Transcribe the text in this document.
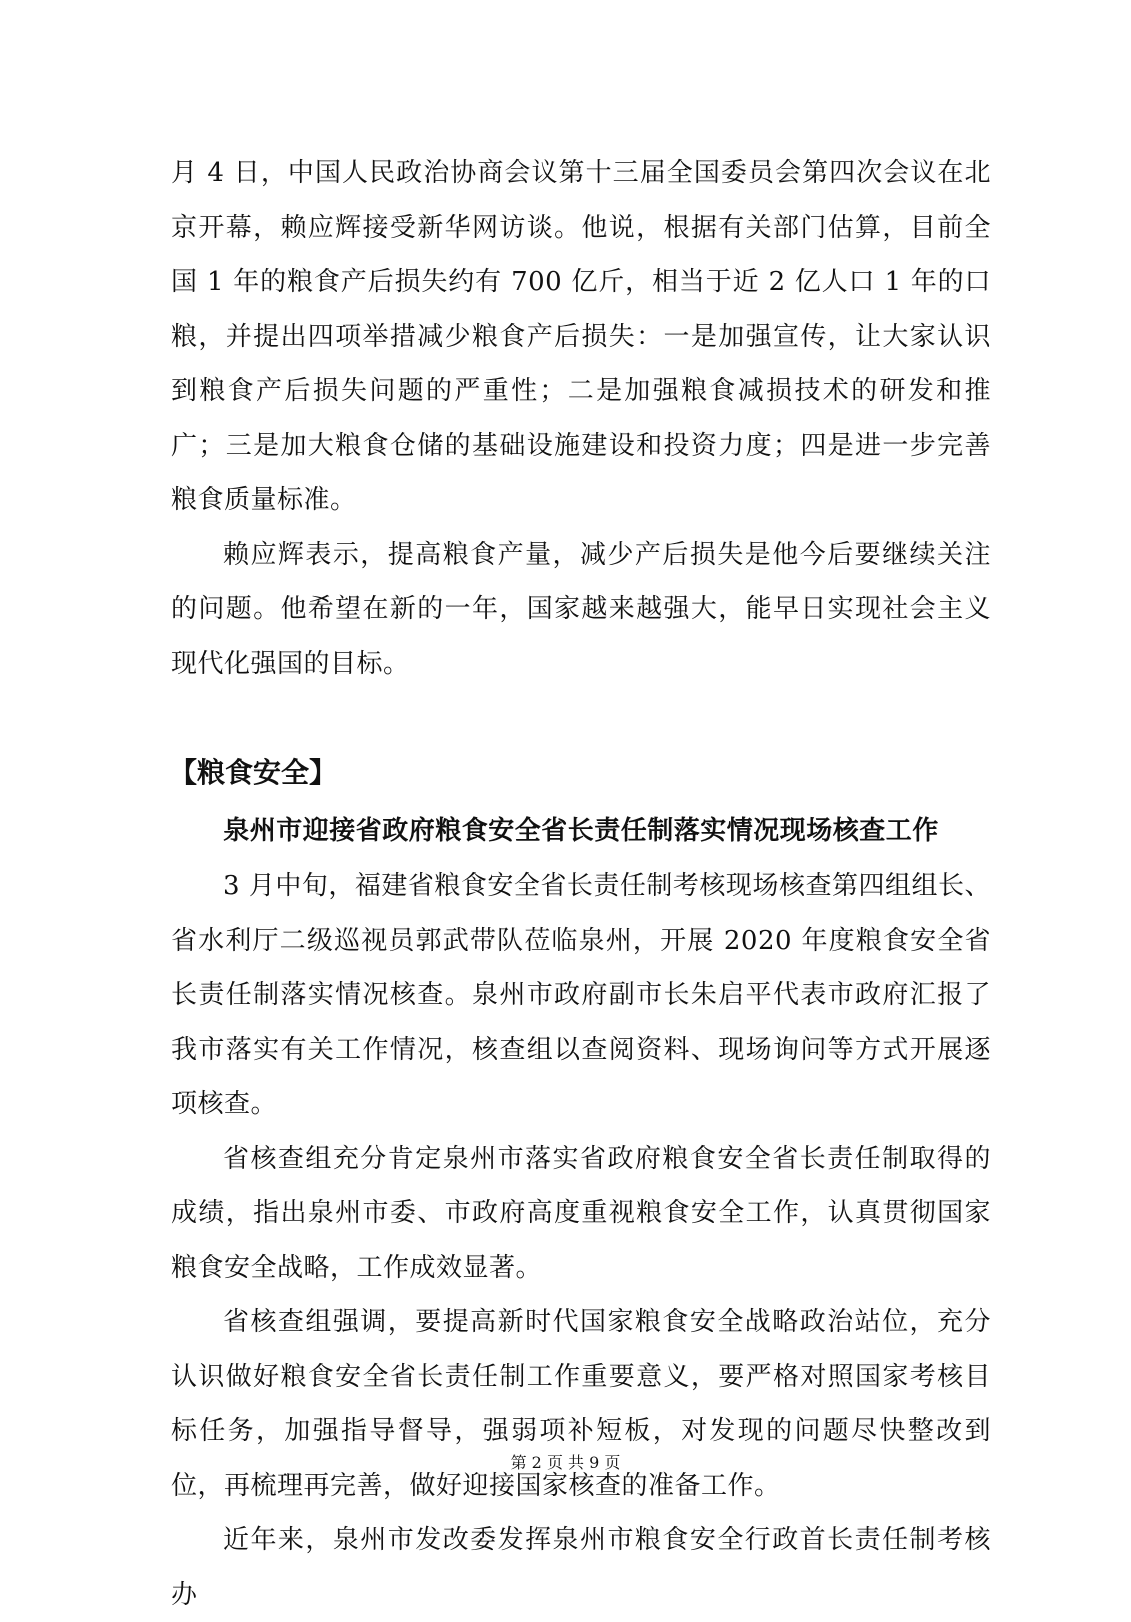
月 4 日，中国人民政治协商会议第十三届全国委员会第四次会议在北京开幕，赖应辉接受新华网访谈。他说，根据有关部门估算，目前全国 1 年的粮食产后损失约有 700 亿斤，相当于近 2 亿人口 1 年的口粮，并提出四项举措减少粮食产后损失：一是加强宣传，让大家认识到粮食产后损失问题的严重性；二是加强粮食减损技术的研发和推广；三是加大粮食仓储的基础设施建设和投资力度；四是进一步完善粮食质量标准。

赖应辉表示，提高粮食产量，减少产后损失是他今后要继续关注的问题。他希望在新的一年，国家越来越强大，能早日实现社会主义现代化强国的目标。

【粮食安全】
泉州市迎接省政府粮食安全省长责任制落实情况现场核查工作

3 月中旬，福建省粮食安全省长责任制考核现场核查第四组组长、省水利厅二级巡视员郭武带队莅临泉州，开展 2020 年度粮食安全省长责任制落实情况核查。泉州市政府副市长朱启平代表市政府汇报了我市落实有关工作情况，核查组以查阅资料、现场询问等方式开展逐项核查。

省核查组充分肯定泉州市落实省政府粮食安全省长责任制取得的成绩，指出泉州市委、市政府高度重视粮食安全工作，认真贯彻国家粮食安全战略，工作成效显著。

省核查组强调，要提高新时代国家粮食安全战略政治站位，充分认识做好粮食安全省长责任制工作重要意义，要严格对照国家考核目标任务，加强指导督导，强弱项补短板，对发现的问题尽快整改到位，再梳理再完善，做好迎接国家核查的准备工作。

近年来，泉州市发改委发挥泉州市粮食安全行政首长责任制考核办

第 2 页 共 9 页
